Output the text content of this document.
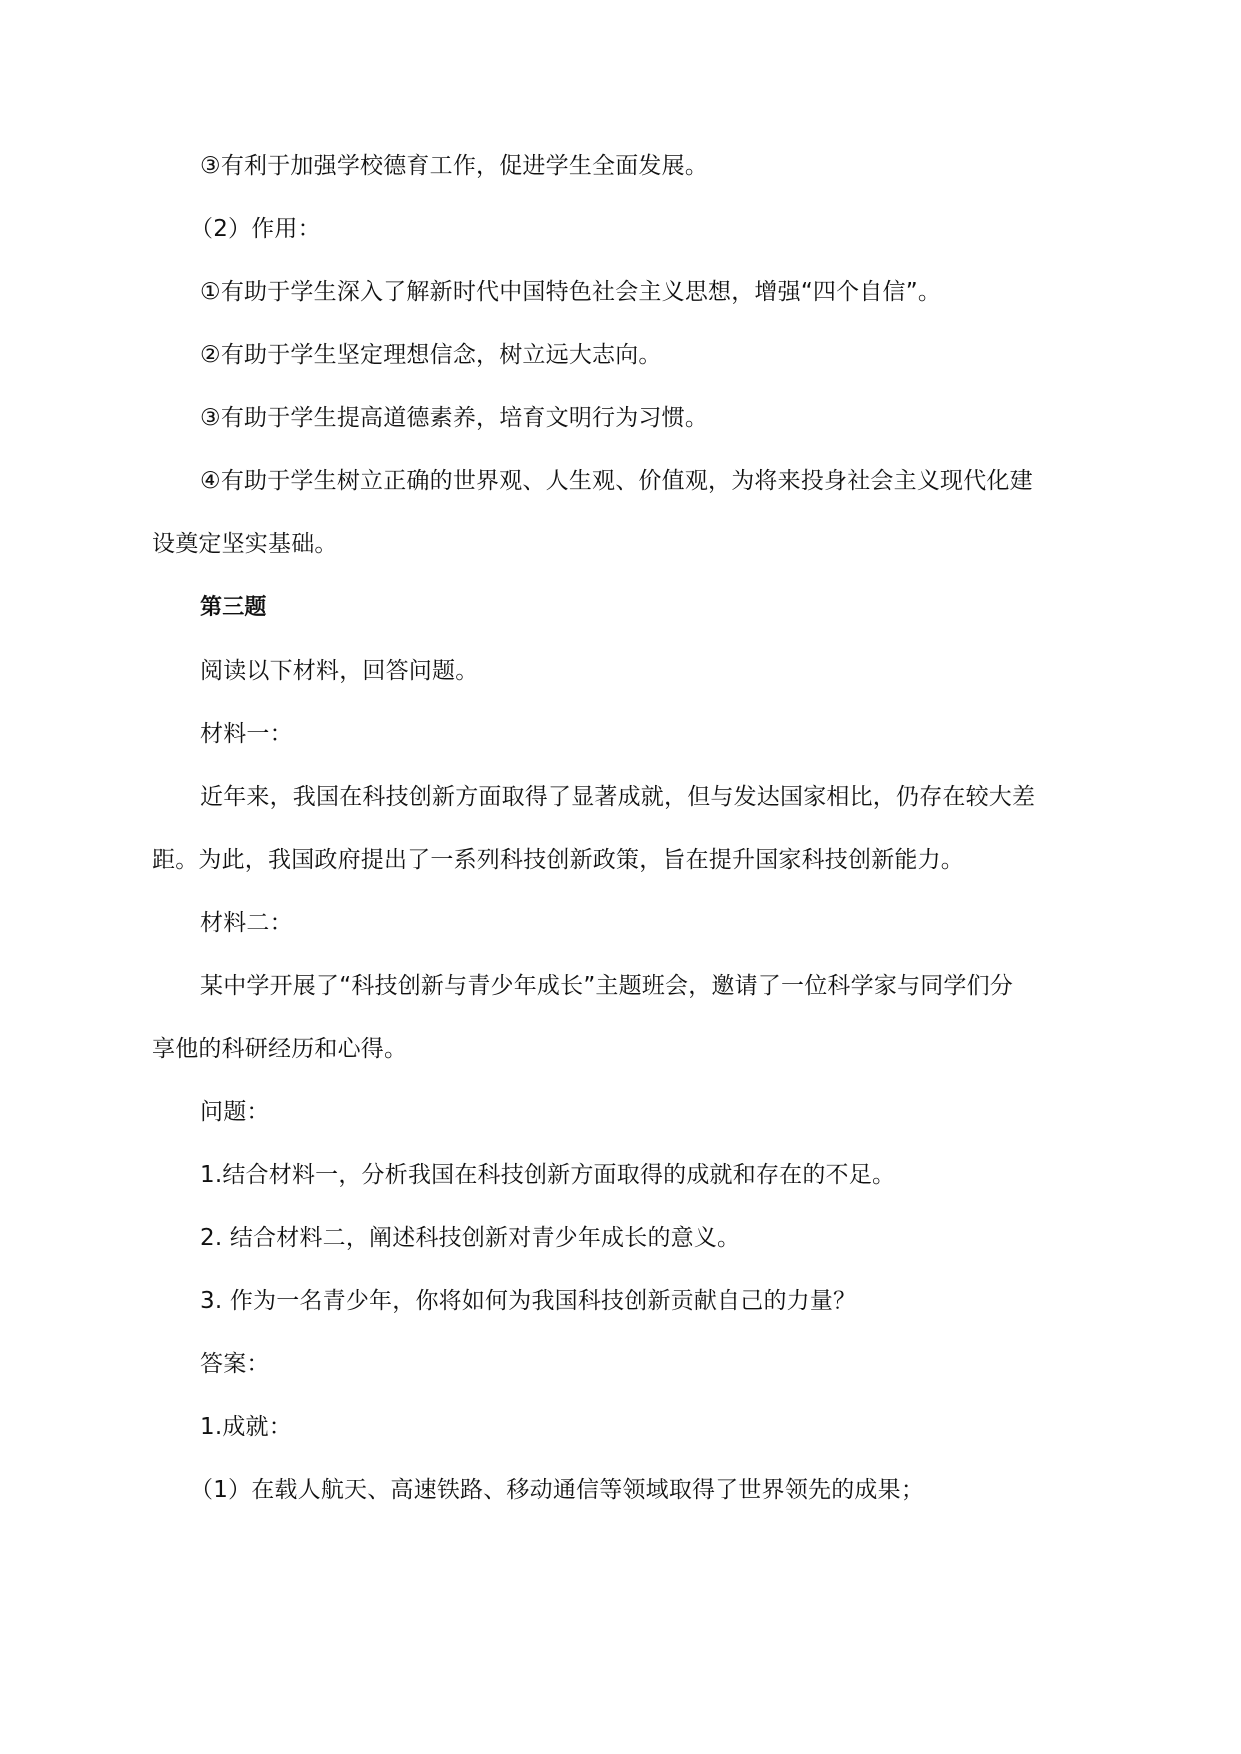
③有利于加强学校德育工作，促进学生全面发展。
（2）作用：
①有助于学生深入了解新时代中国特色社会主义思想，增强“四个自信”。
②有助于学生坚定理想信念，树立远大志向。
③有助于学生提高道德素养，培育文明行为习惯。
④有助于学生树立正确的世界观、人生观、价值观，为将来投身社会主义现代化建
设奠定坚实基础。
第三题
阅读以下材料，回答问题。
材料一：
近年来，我国在科技创新方面取得了显著成就，但与发达国家相比，仍存在较大差
距。为此，我国政府提出了一系列科技创新政策，旨在提升国家科技创新能力。
材料二：
某中学开展了“科技创新与青少年成长”主题班会，邀请了一位科学家与同学们分
享他的科研经历和心得。
问题：
1.结合材料一，分析我国在科技创新方面取得的成就和存在的不足。
2. 结合材料二，阐述科技创新对青少年成长的意义。
3. 作为一名青少年，你将如何为我国科技创新贡献自己的力量？
答案：
1.成就：
（1）在载人航天、高速铁路、移动通信等领域取得了世界领先的成果；
